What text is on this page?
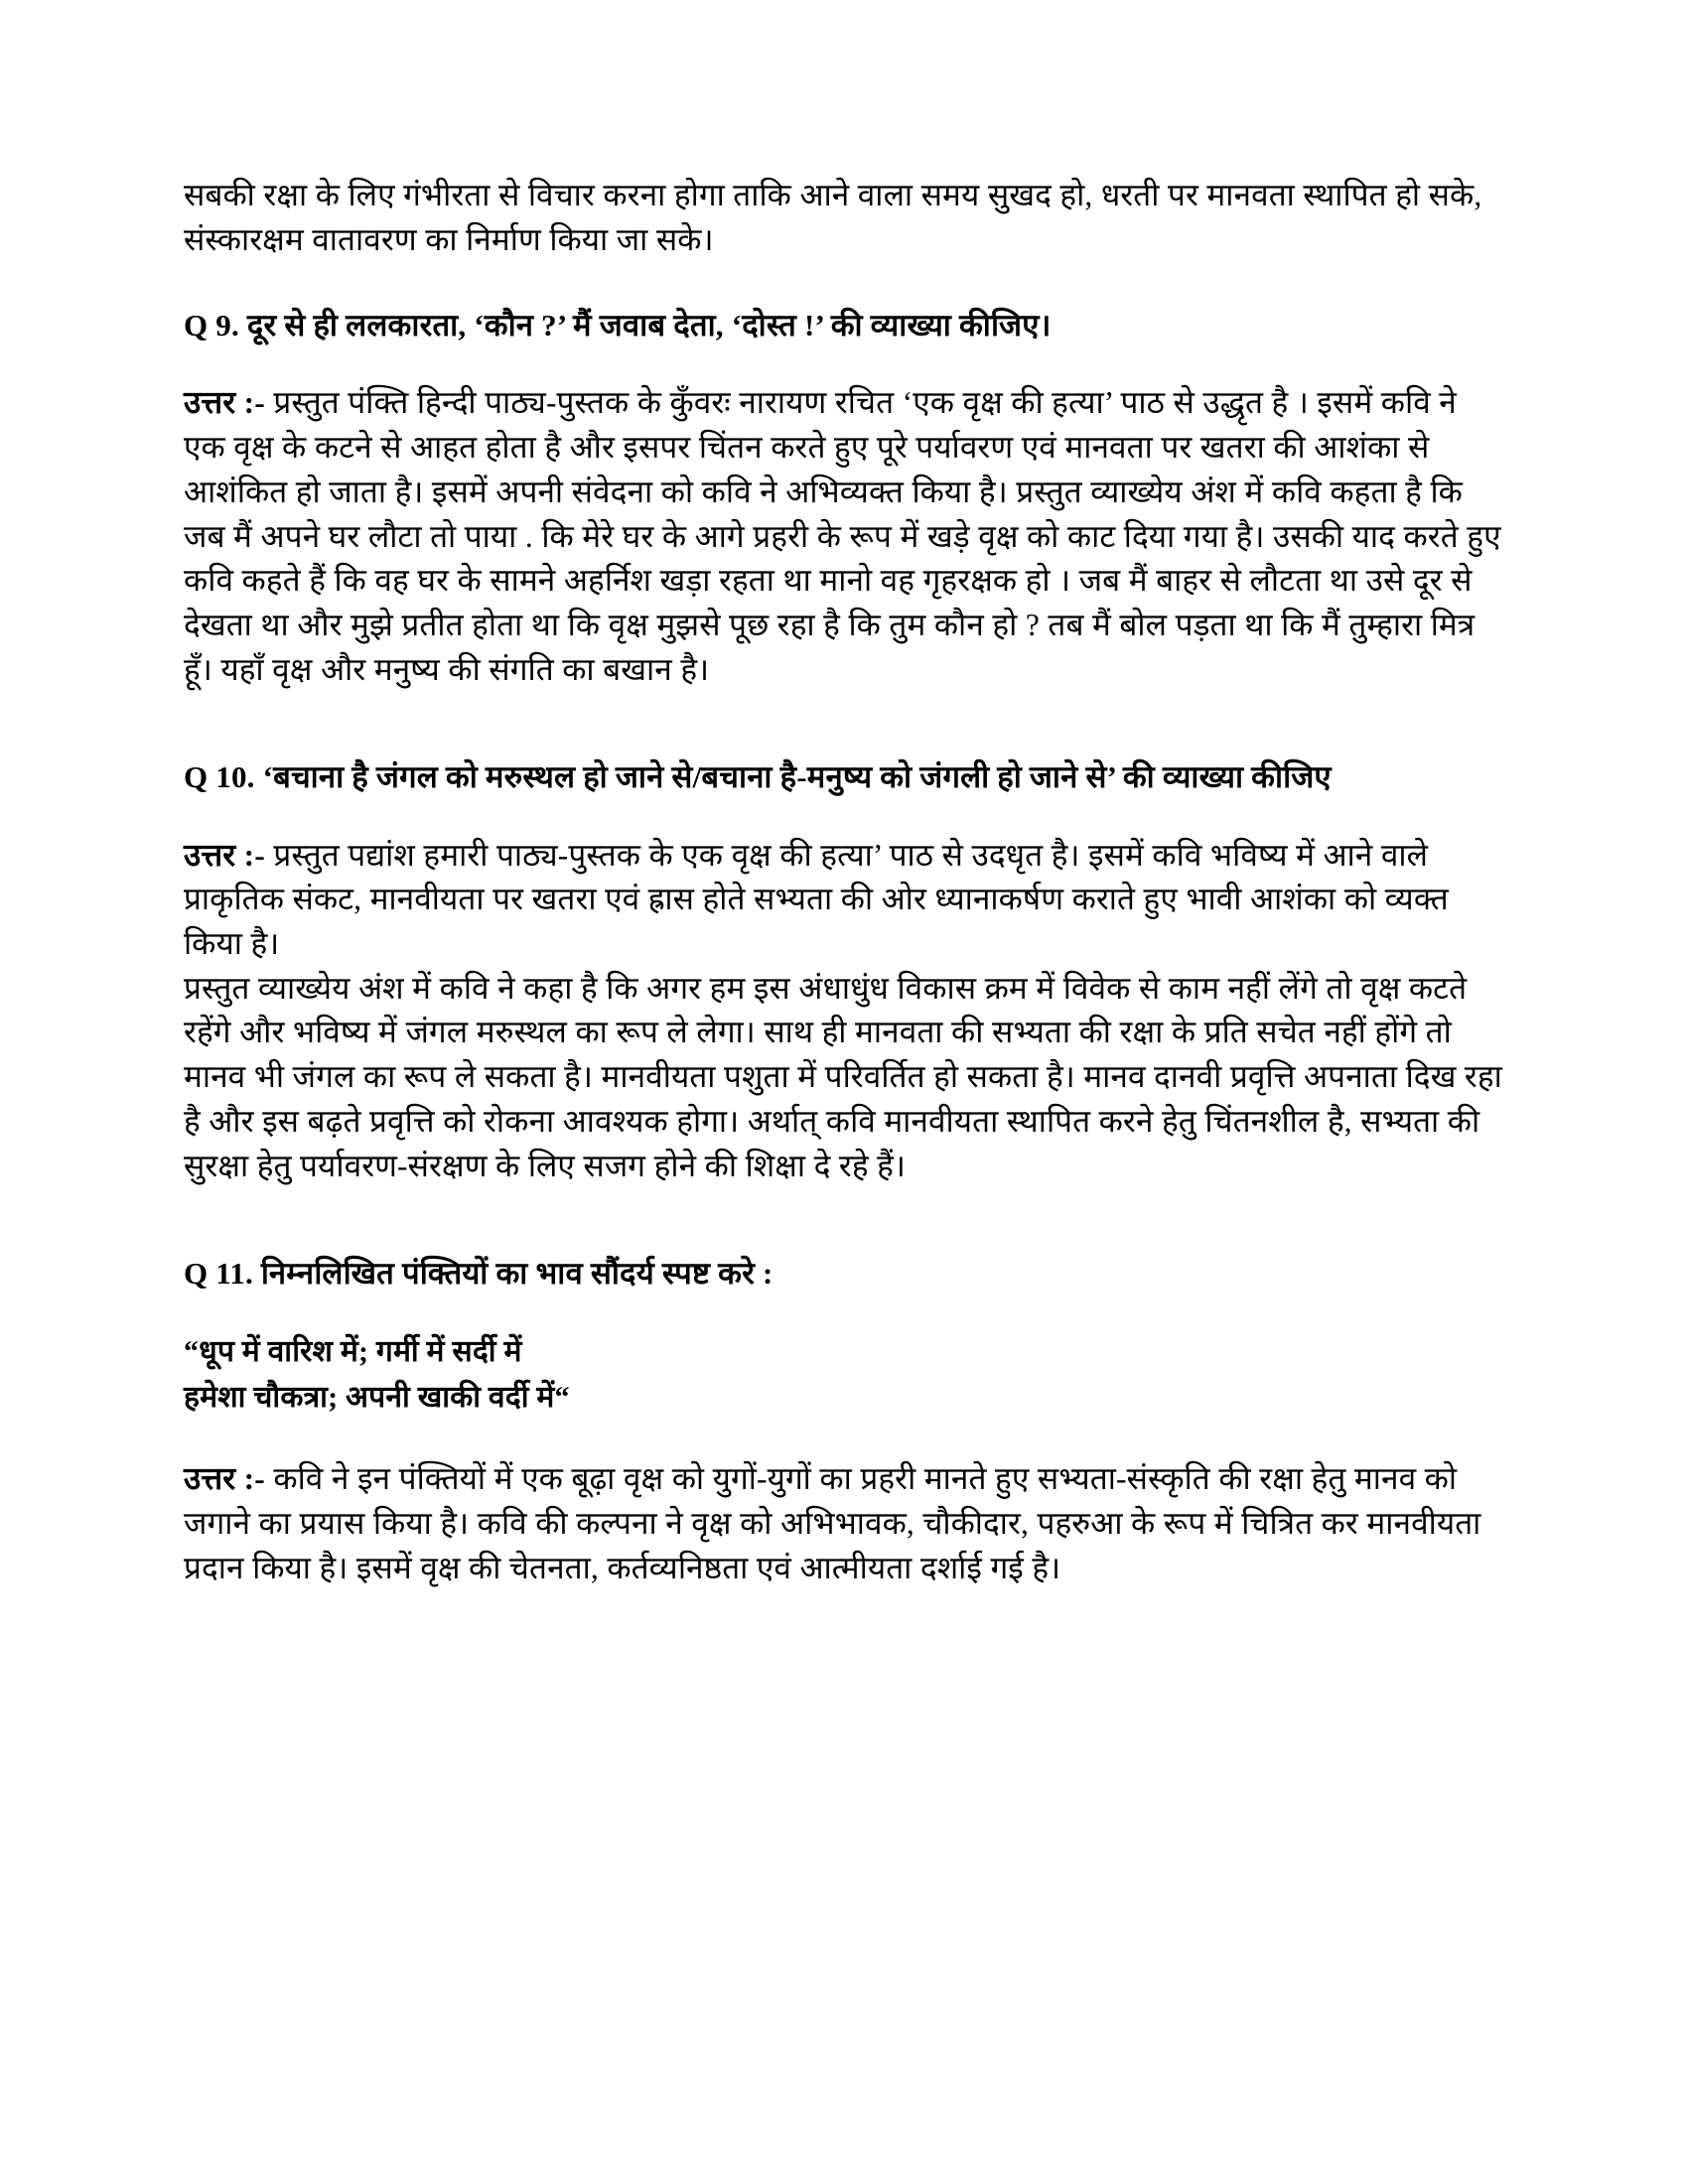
सबकी रक्षा के लिए गंभीरता से विचार करना होगा ताकि आने वाला समय सुखद हो, धरती पर मानवता स्थापित हो सके, संस्कारक्षम वातावरण का निर्माण किया जा सके।

Q 9. दूर से ही ललकारता, ‘कौन ?’ मैं जवाब देता, ‘दोस्त !’ की व्याख्या कीजिए।

उत्तर :- प्रस्तुत पंक्ति हिन्दी पाठ्य-पुस्तक के कुँवरः नारायण रचित ‘एक वृक्ष की हत्या’ पाठ से उद्धृत है । इसमें कवि ने एक वृक्ष के कटने से आहत होता है और इसपर चिंतन करते हुए पूरे पर्यावरण एवं मानवता पर खतरा की आशंका से आशंकित हो जाता है। इसमें अपनी संवेदना को कवि ने अभिव्यक्त किया है। प्रस्तुत व्याख्येय अंश में कवि कहता है कि जब मैं अपने घर लौटा तो पाया . कि मेरे घर के आगे प्रहरी के रूप में खड़े वृक्ष को काट दिया गया है। उसकी याद करते हुए कवि कहते हैं कि वह घर के सामने अहर्निश खड़ा रहता था मानो वह गृहरक्षक हो । जब मैं बाहर से लौटता था उसे दूर से देखता था और मुझे प्रतीत होता था कि वृक्ष मुझसे पूछ रहा है कि तुम कौन हो ? तब मैं बोल पड़ता था कि मैं तुम्हारा मित्र हूँ। यहाँ वृक्ष और मनुष्य की संगति का बखान है।

Q 10. ‘बचाना है जंगल को मरुस्थल हो जाने से/बचाना है-मनुष्य को जंगली हो जाने से’ की व्याख्या कीजिए

उत्तर :- प्रस्तुत पद्यांश हमारी पाठ्य-पुस्तक के एक वृक्ष की हत्या’ पाठ से उदधृत है। इसमें कवि भविष्य में आने वाले प्राकृतिक संकट, मानवीयता पर खतरा एवं ह्रास होते सभ्यता की ओर ध्यानाकर्षण कराते हुए भावी आशंका को व्यक्त किया है।

प्रस्तुत व्याख्येय अंश में कवि ने कहा है कि अगर हम इस अंधाधुंध विकास क्रम में विवेक से काम नहीं लेंगे तो वृक्ष कटते रहेंगे और भविष्य में जंगल मरुस्थल का रूप ले लेगा। साथ ही मानवता की सभ्यता की रक्षा के प्रति सचेत नहीं होंगे तो मानव भी जंगल का रूप ले सकता है। मानवीयता पशुता में परिवर्तित हो सकता है। मानव दानवी प्रवृत्ति अपनाता दिख रहा है और इस बढ़ते प्रवृत्ति को रोकना आवश्यक होगा। अर्थात् कवि मानवीयता स्थापित करने हेतु चिंतनशील है, सभ्यता की सुरक्षा हेतु पर्यावरण-संरक्षण के लिए सजग होने की शिक्षा दे रहे हैं।

Q 11. निम्नलिखित पंक्तियों का भाव सौंदर्य स्पष्ट करे :
“धूप में वारिश में; गर्मी में सर्दी में
हमेशा चौकत्रा; अपनी खाकी वर्दी में“

उत्तर :- कवि ने इन पंक्तियों में एक बूढ़ा वृक्ष को युगों-युगों का प्रहरी मानते हुए सभ्यता-संस्कृति की रक्षा हेतु मानव को जगाने का प्रयास किया है। कवि की कल्पना ने वृक्ष को अभिभावक, चौकीदार, पहरुआ के रूप में चित्रित कर मानवीयता प्रदान किया है। इसमें वृक्ष की चेतनता, कर्तव्यनिष्ठता एवं आत्मीयता दर्शाई गई है।
